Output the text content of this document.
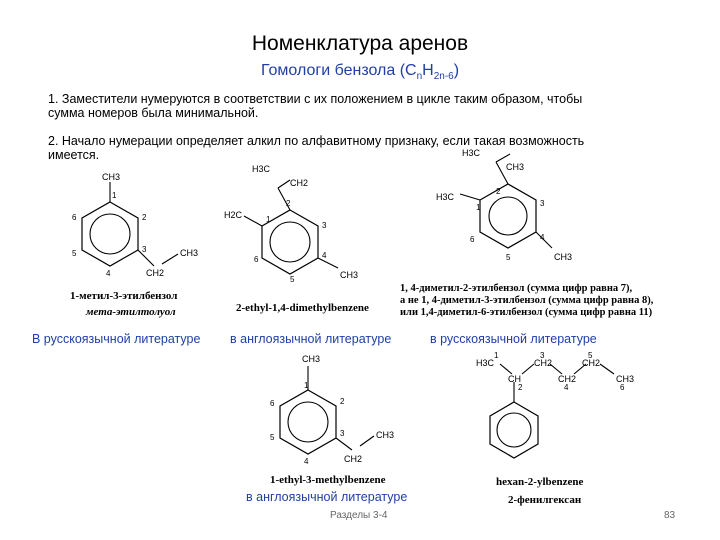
Номенклатура аренов
Гомологи бензола $(C_nH_{2n-6})$
1. Заместители нумеруются в соответствии с их положением в цикле таким образом, чтобы
сумма номеров была минимальной.
2. Начало нумерации определяет алкил по алфавитному признаку, если такая возможность
имеется.
CH3
CH2
CH3
1
2
3
4
5
6
1-метил-3-этилбензол
мета-этилтолуол
H3C
CH2
H2C
CH3
1
2
3
4
5
6
2-ethyl-1,4-dimethylbenzene
H3C
CH3
H3C
CH3
1
2
3
4
5
6
1, 4-диметил-2-этилбензол (сумма цифр равна 7),
а не 1, 4-диметил-3-этилбензол (сумма цифр равна 8),
или 1,4-диметил-6-этилбензол (сумма цифр равна 11)
В русскоязычной литературе в англоязычной литературе	в русскоязычной литературе
CH3
CH2
CH3
1
2
3
4
5
6
1-ethyl-3-methylbenzene
в англоязычной литературе
H3C
CH
CH2
CH2
CH2
CH3
1
2
3
4
5
6
hexan-2-ylbenzene
2-фенилгексан
Разделы 3-4	83
